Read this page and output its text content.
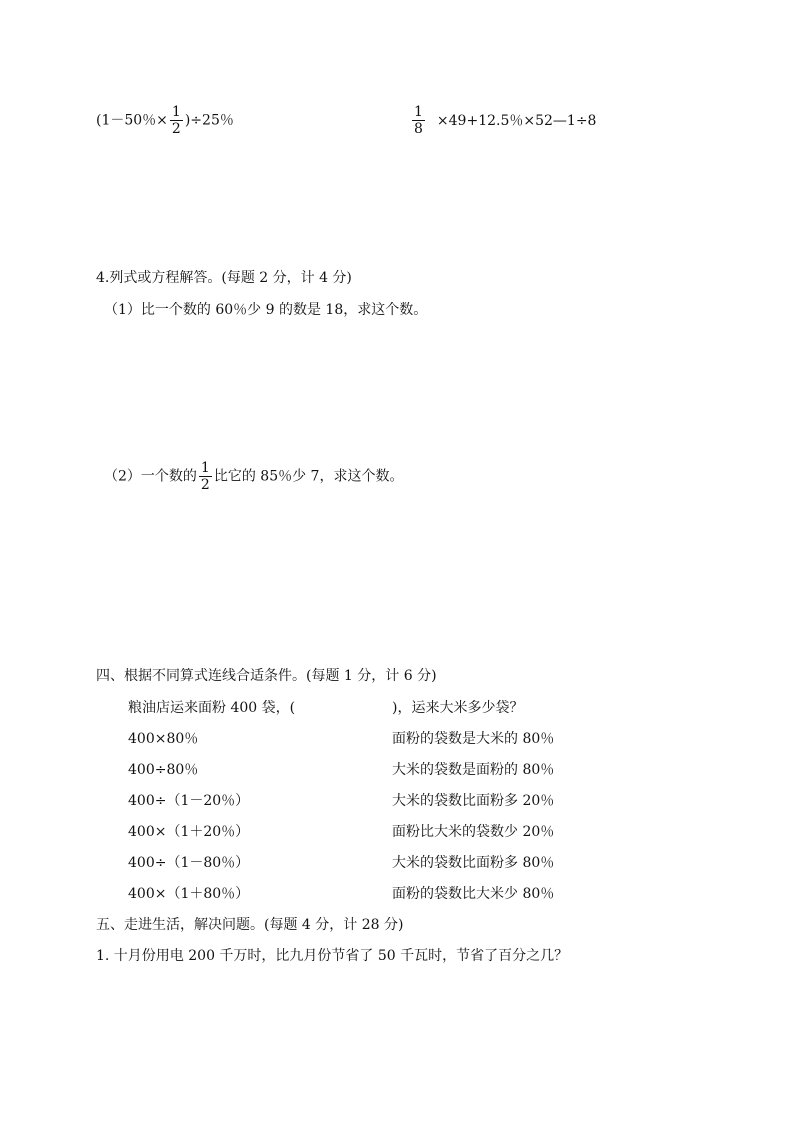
(1－50％× $\frac{1}{2} )\div 25$％	$\frac{1}{8} \times 49+12.5$％×52—1÷8
4.列式或方程解答。(每题 2 分，计 4 分)
（1）比一个数的 60％少 9 的数是 18，求这个数。
（2）一个数的 $\frac{1}{2}$ 比它的 85％少 7，求这个数。
四、根据不同算式连线合适条件。(每题 1 分，计 6 分)
粮油店运来面粉 400 袋，(	)，运来大米多少袋？
400×80％
400÷80％
400÷（1－20％）
400×（1＋20％）
400÷（1－80％）
400×（1＋80％）
面粉的袋数是大米的 80％
大米的袋数是面粉的 80％
大米的袋数比面粉多 20％
面粉比大米的袋数少 20％
大米的袋数比面粉多 80％
面粉的袋数比大米少 80％
五、走进生活，解决问题。(每题 4 分，计 28 分)
1. 十月份用电 200 千万时，比九月份节省了 50 千瓦时，节省了百分之几？
